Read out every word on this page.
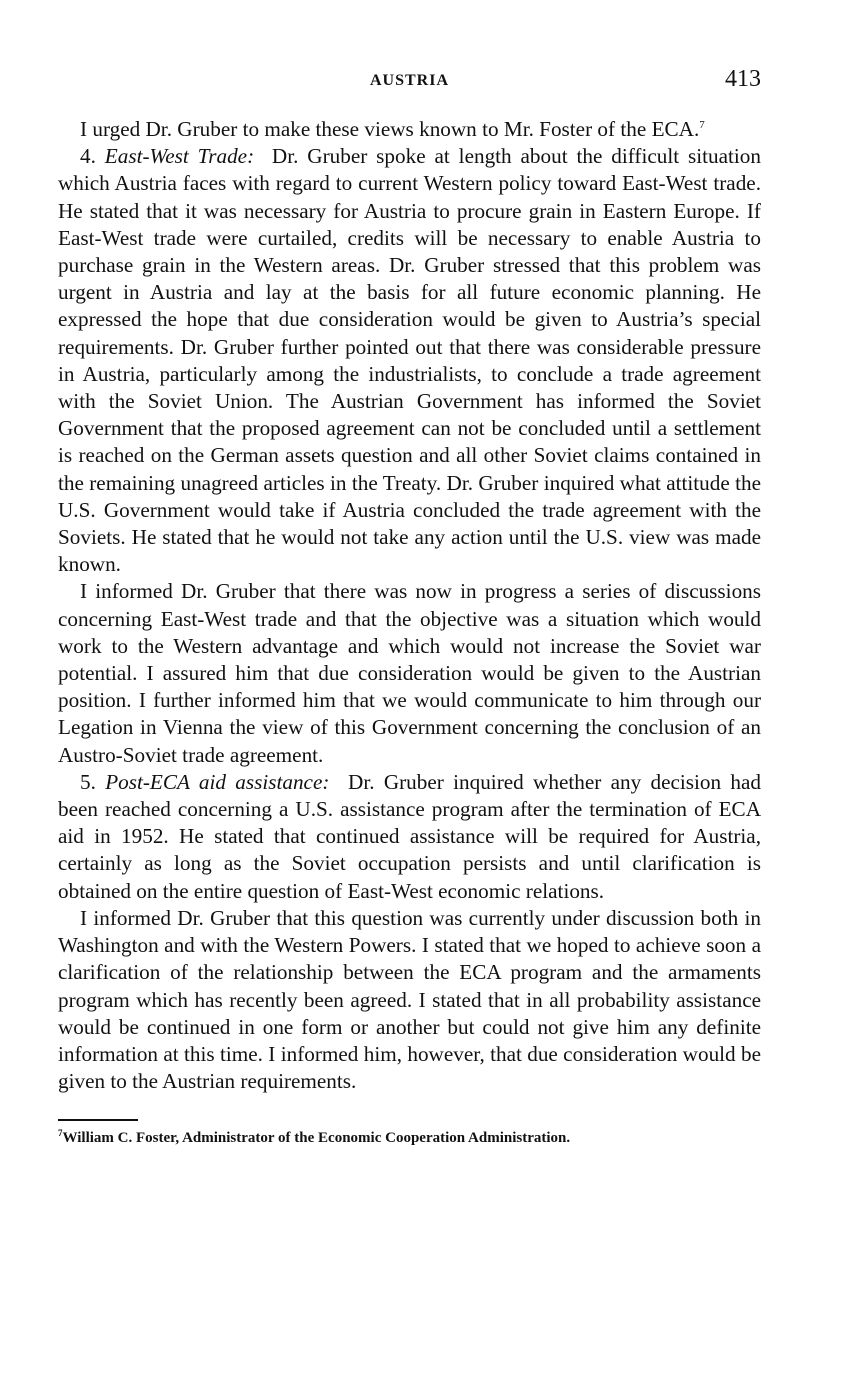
AUSTRIA	413

I urged Dr. Gruber to make these views known to Mr. Foster of the ECA.$^7$

4. East-West Trade: Dr. Gruber spoke at length about the difficult situation which Austria faces with regard to current Western policy toward East-West trade. He stated that it was necessary for Austria to procure grain in Eastern Europe. If East-West trade were curtailed, credits will be necessary to enable Austria to purchase grain in the Western areas. Dr. Gruber stressed that this problem was urgent in Austria and lay at the basis for all future economic planning. He expressed the hope that due consideration would be given to Austria’s special requirements. Dr. Gruber further pointed out that there was considerable pressure in Austria, particularly among the industrialists, to conclude a trade agreement with the Soviet Union. The Austrian Government has informed the Soviet Government that the proposed agreement can not be concluded until a settlement is reached on the German assets question and all other Soviet claims contained in the remaining unagreed articles in the Treaty. Dr. Gruber inquired what attitude the U.S. Government would take if Austria concluded the trade agreement with the Soviets. He stated that he would not take any action until the U.S. view was made known.

I informed Dr. Gruber that there was now in progress a series of discussions concerning East-West trade and that the objective was a situation which would work to the Western advantage and which would not increase the Soviet war potential. I assured him that due consideration would be given to the Austrian position. I further informed him that we would communicate to him through our Legation in Vienna the view of this Government concerning the conclusion of an Austro-Soviet trade agreement.

5. Post-ECA aid assistance: Dr. Gruber inquired whether any decision had been reached concerning a U.S. assistance program after the termination of ECA aid in 1952. He stated that continued assistance will be required for Austria, certainly as long as the Soviet occupation persists and until clarification is obtained on the entire question of East-West economic relations.

I informed Dr. Gruber that this question was currently under discussion both in Washington and with the Western Powers. I stated that we hoped to achieve soon a clarification of the relationship between the ECA program and the armaments program which has recently been agreed. I stated that in all probability assistance would be continued in one form or another but could not give him any definite information at this time. I informed him, however, that due consideration would be given to the Austrian requirements.

$^7$William C. Foster, Administrator of the Economic Cooperation Administration.
